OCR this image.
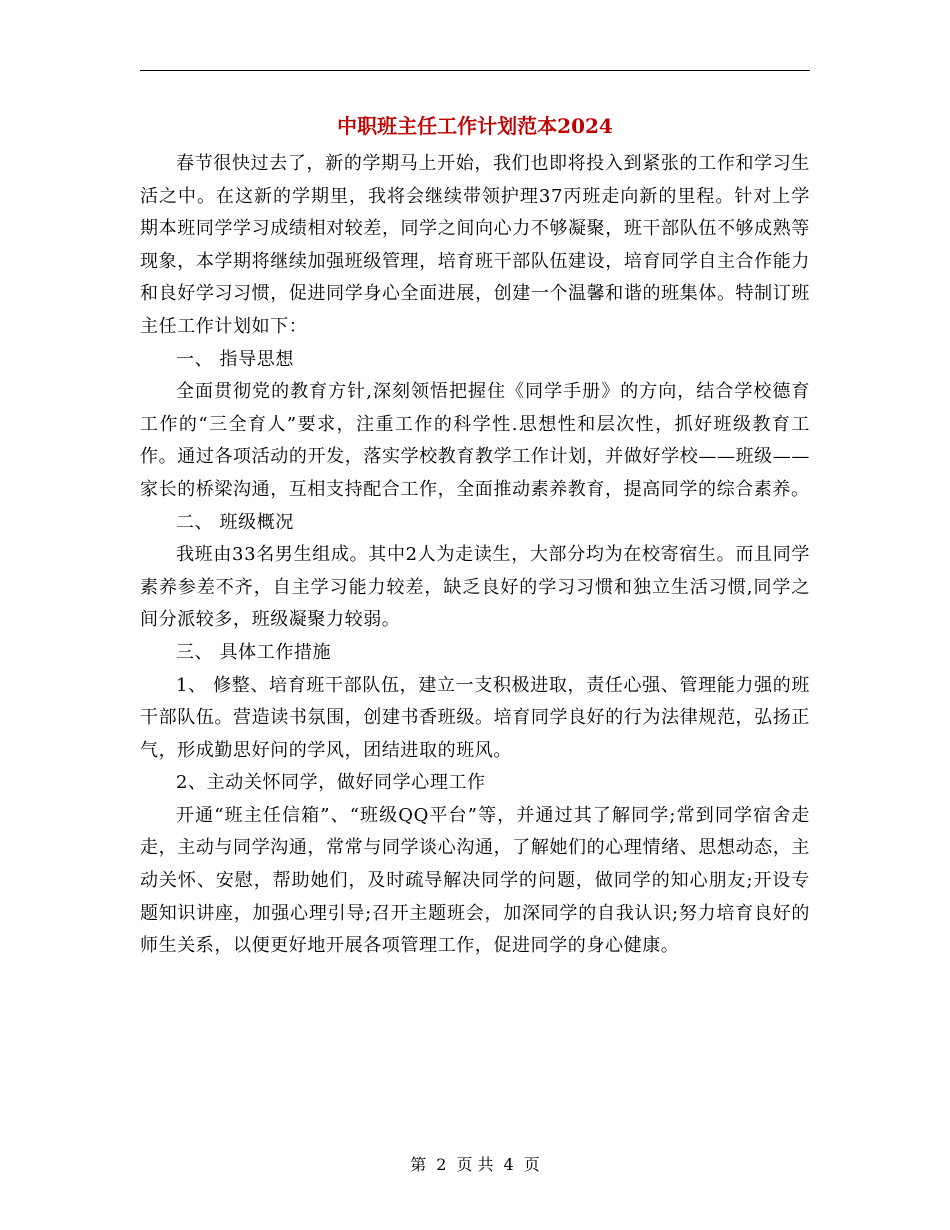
中职班主任工作计划范本2024

春节很快过去了，新的学期马上开始，我们也即将投入到紧张的工作和学习生活之中。在这新的学期里，我将会继续带领护理37丙班走向新的里程。针对上学期本班同学学习成绩相对较差，同学之间向心力不够凝聚，班干部队伍不够成熟等现象，本学期将继续加强班级管理，培育班干部队伍建设，培育同学自主合作能力和良好学习习惯，促进同学身心全面进展，创建一个温馨和谐的班集体。特制订班主任工作计划如下：

一、 指导思想

全面贯彻党的教育方针,深刻领悟把握住《同学手册》的方向，结合学校德育工作的“三全育人”要求，注重工作的科学性.思想性和层次性，抓好班级教育工作。通过各项活动的开发，落实学校教育教学工作计划，并做好学校——班级——家长的桥梁沟通，互相支持配合工作，全面推动素养教育，提高同学的综合素养。

二、 班级概况

我班由33名男生组成。其中2人为走读生，大部分均为在校寄宿生。而且同学素养参差不齐，自主学习能力较差，缺乏良好的学习习惯和独立生活习惯,同学之间分派较多，班级凝聚力较弱。

三、 具体工作措施

1、 修整、培育班干部队伍，建立一支积极进取，责任心强、管理能力强的班干部队伍。营造读书氛围，创建书香班级。培育同学良好的行为法律规范，弘扬正气，形成勤思好问的学风，团结进取的班风。

2、主动关怀同学，做好同学心理工作

开通“班主任信箱”、“班级QQ平台”等，并通过其了解同学;常到同学宿舍走走，主动与同学沟通，常常与同学谈心沟通，了解她们的心理情绪、思想动态，主动关怀、安慰，帮助她们，及时疏导解决同学的问题，做同学的知心朋友;开设专题知识讲座，加强心理引导;召开主题班会，加深同学的自我认识;努力培育良好的师生关系，以便更好地开展各项管理工作，促进同学的身心健康。

第 2 页 共 4 页
